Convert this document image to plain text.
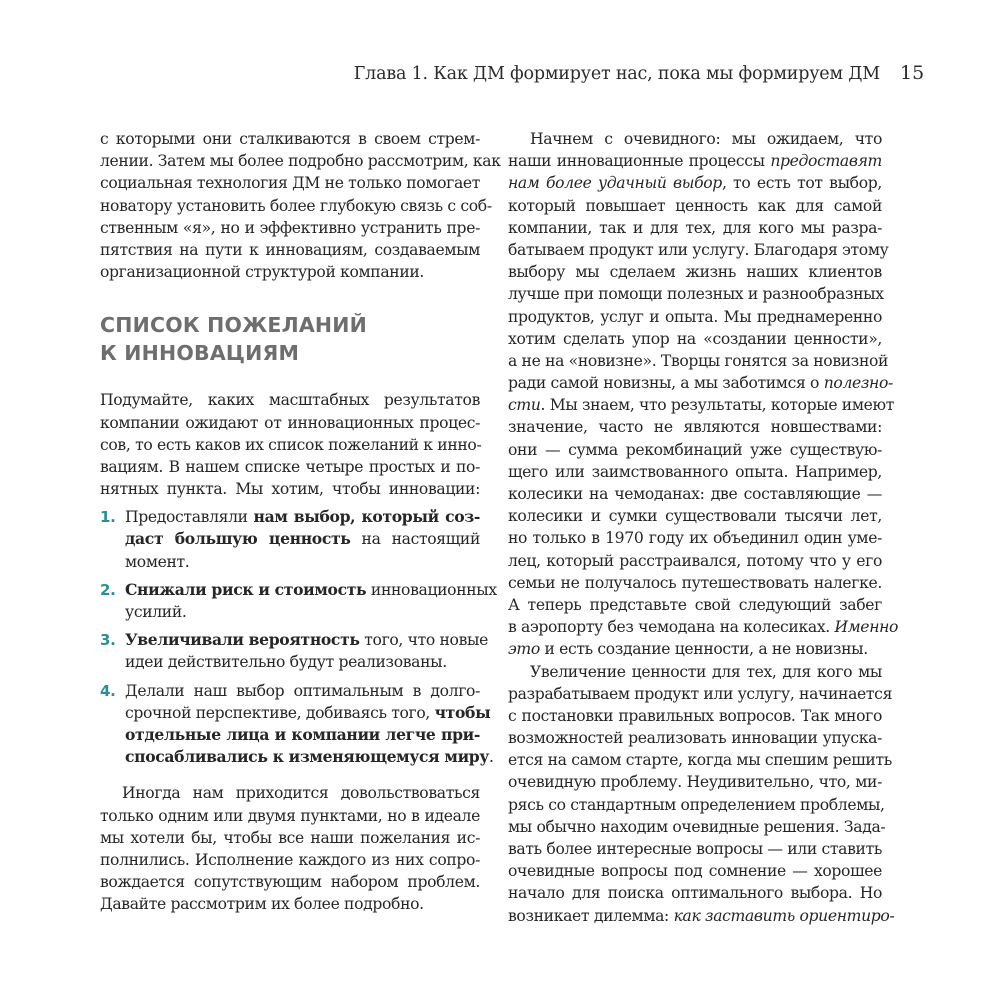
Глава 1. Как ДМ формирует нас, пока мы формируем ДМ 15
с которыми они сталкиваются в своем стрем-
лении. Затем мы более подробно рассмотрим, как
социальная технология ДМ не только помогает
новатору установить более глубокую связь с соб-
ственным «я», но и эффективно устранить пре-
пятствия на пути к инновациям, создаваемым
организационной структурой компании.
СПИСОК ПОЖЕЛАНИЙ
К ИННОВАЦИЯМ
Подумайте, каких масштабных результатов
компании ожидают от инновационных процес-
сов, то есть каков их список пожеланий к инно-
вациям. В нашем списке четыре простых и по-
нятных пункта. Мы хотим, чтобы инновации:
1. Предоставляли нам выбор, который соз-
даст большую ценность на настоящий
момент.
2. Снижали риск и стоимость инновационных
усилий.
3. Увеличивали вероятность того, что новые
идеи действительно будут реализованы.
4. Делали наш выбор оптимальным в долго-
срочной перспективе, добиваясь того, чтобы
отдельные лица и компании легче при-
спосабливались к изменяющемуся миру.
Иногда нам приходится довольствоваться
только одним или двумя пунктами, но в идеале
мы хотели бы, чтобы все наши пожелания ис-
полнились. Исполнение каждого из них сопро-
вождается сопутствующим набором проблем.
Давайте рассмотрим их более подробно.
Начнем с очевидного: мы ожидаем, что
наши инновационные процессы предоставят
нам более удачный выбор, то есть тот выбор,
который повышает ценность как для самой
компании, так и для тех, для кого мы разра-
батываем продукт или услугу. Благодаря этому
выбору мы сделаем жизнь наших клиентов
лучше при помощи полезных и разнообразных
продуктов, услуг и опыта. Мы преднамеренно
хотим сделать упор на «создании ценности»,
а не на «новизне». Творцы гонятся за новизной
ради самой новизны, а мы заботимся о полезно-
сти. Мы знаем, что результаты, которые имеют
значение, часто не являются новшествами:
они — сумма рекомбинаций уже существую-
щего или заимствованного опыта. Например,
колесики на чемоданах: две составляющие —
колесики и сумки существовали тысячи лет,
но только в 1970 году их объединил один уме-
лец, который расстраивался, потому что у его
семьи не получалось путешествовать налегке.
А теперь представьте свой следующий забег
в аэропорту без чемодана на колесиках. Именно
это и есть создание ценности, а не новизны.
Увеличение ценности для тех, для кого мы
разрабатываем продукт или услугу, начинается
с постановки правильных вопросов. Так много
возможностей реализовать инновации упуска-
ется на самом старте, когда мы спешим решить
очевидную проблему. Неудивительно, что, ми-
рясь со стандартным определением проблемы,
мы обычно находим очевидные решения. Зада-
вать более интересные вопросы — или ставить
очевидные вопросы под сомнение — хорошее
начало для поиска оптимального выбора. Но
возникает дилемма: как заставить ориентиро-
